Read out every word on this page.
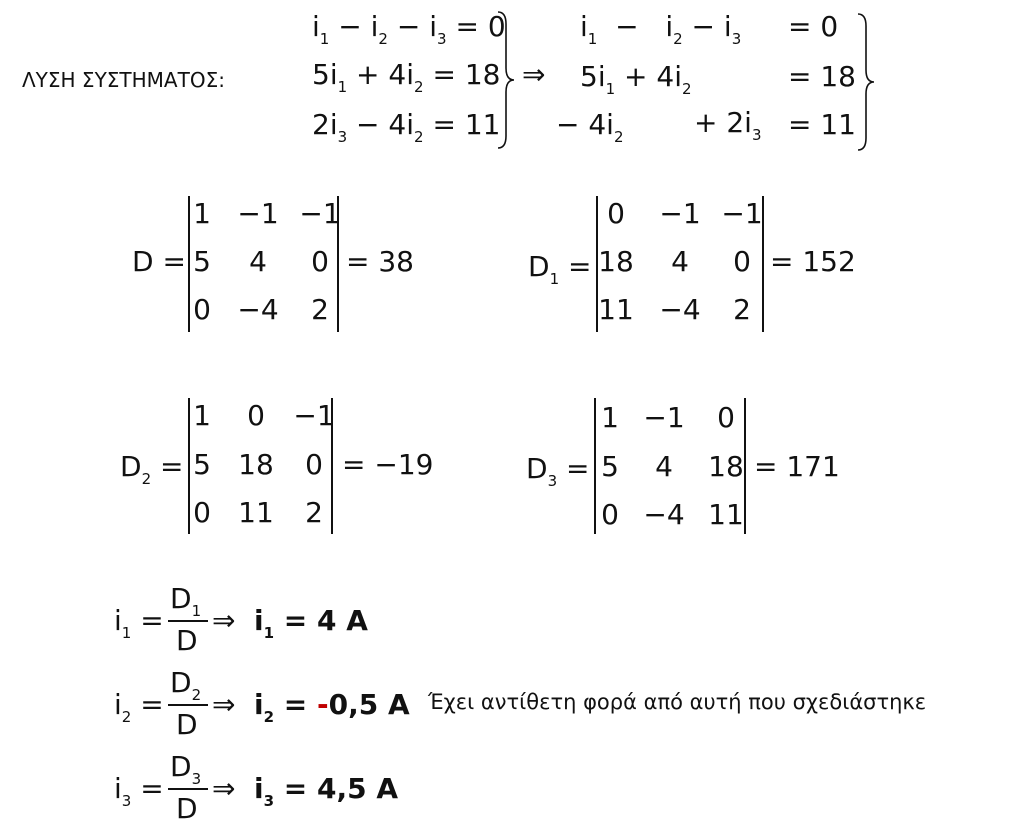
ΛΥΣΗ ΣΥΣΤΗΜΑΤΟΣ:
$i_1 - i_2 - i_3 = 0$
$5i_1 + 4i_2 = 18$
$2i_3 - 4i_2 = 11$
⇒
$i_1 - i_2 - i_3 = 0$
$5i_1 + 4i_2$	= 18
− $4i_2$	+ $2i_3 = 11$
D =
1 −1 −1
5	4	0
0 −4	2
= 38	$D_1$ =
0	−1 −1
18	4	0
11 −4	2
= 152
$D_2$ =
1	0	−1
5 18	0
0 11	2
= −19	$D_3$ =
1 −1	0
5	4	18
0 −4 11
= 171
$i_1$ =
$D_1$
D
⇒ $i_1 = 4$ A
$i_2$ =
$D_2$
D
⇒ $i_2 = -0,5$ A Έχει αντίθετη φορά από αυτή που σχεδιάστηκε
$i_3$ =
$D_3$
D
⇒ $i_3 = 4,5$ A
